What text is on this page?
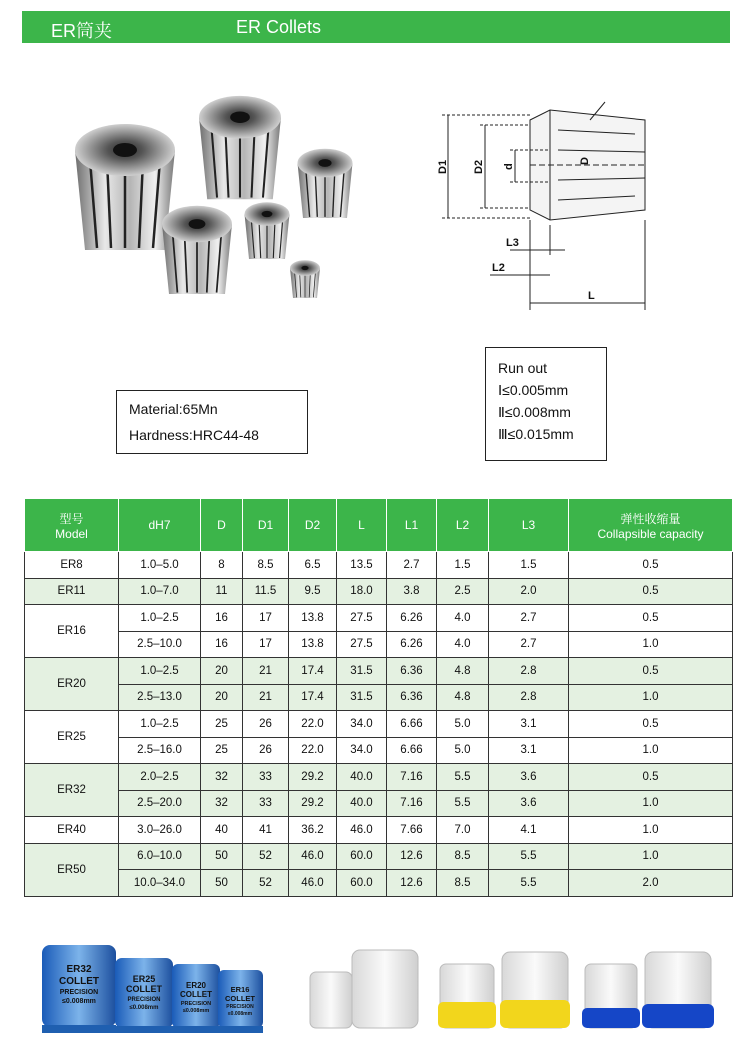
ER筒夹	ER Collets
D1 D2 d
D
L3
L2
L
Material:65Mn
Hardness:HRC44-48
Run out
Ⅰ≤0.005mm
Ⅱ≤0.008mm
Ⅲ≤0.015mm
型号
Model	dH7	D	D1	D2	L	L1	L2	L3	弹性收缩量
Collapsible capacity
ER8	1.0–5.0	8	8.5	6.5	13.5	2.7	1.5	1.5	0.5
ER11	1.0–7.0	11	11.5	9.5	18.0	3.8	2.5	2.0	0.5
ER16	1.0–2.5	16	17	13.8	27.5	6.26	4.0	2.7	0.5
	2.5–10.0	16	17	13.8	27.5	6.26	4.0	2.7	1.0
ER20	1.0–2.5	20	21	17.4	31.5	6.36	4.8	2.8	0.5
	2.5–13.0	20	21	17.4	31.5	6.36	4.8	2.8	1.0
ER25	1.0–2.5	25	26	22.0	34.0	6.66	5.0	3.1	0.5
	2.5–16.0	25	26	22.0	34.0	6.66	5.0	3.1	1.0
ER32	2.0–2.5	32	33	29.2	40.0	7.16	5.5	3.6	0.5
	2.5–20.0	32	33	29.2	40.0	7.16	5.5	3.6	1.0
ER40	3.0–26.0	40	41	36.2	46.0	7.66	7.0	4.1	1.0
ER50	6.0–10.0	50	52	46.0	60.0	12.6	8.5	5.5	1.0
	10.0–34.0	50	52	46.0	60.0	12.6	8.5	5.5	2.0
ER32
COLLET
PRECISION
≤0.008mm
ER25
COLLET
PRECISION
≤0.008mm
ER20
COLLET
PRECISION
≤0.008mm
ER16
COLLET
PRECISION
≤0.008mm
